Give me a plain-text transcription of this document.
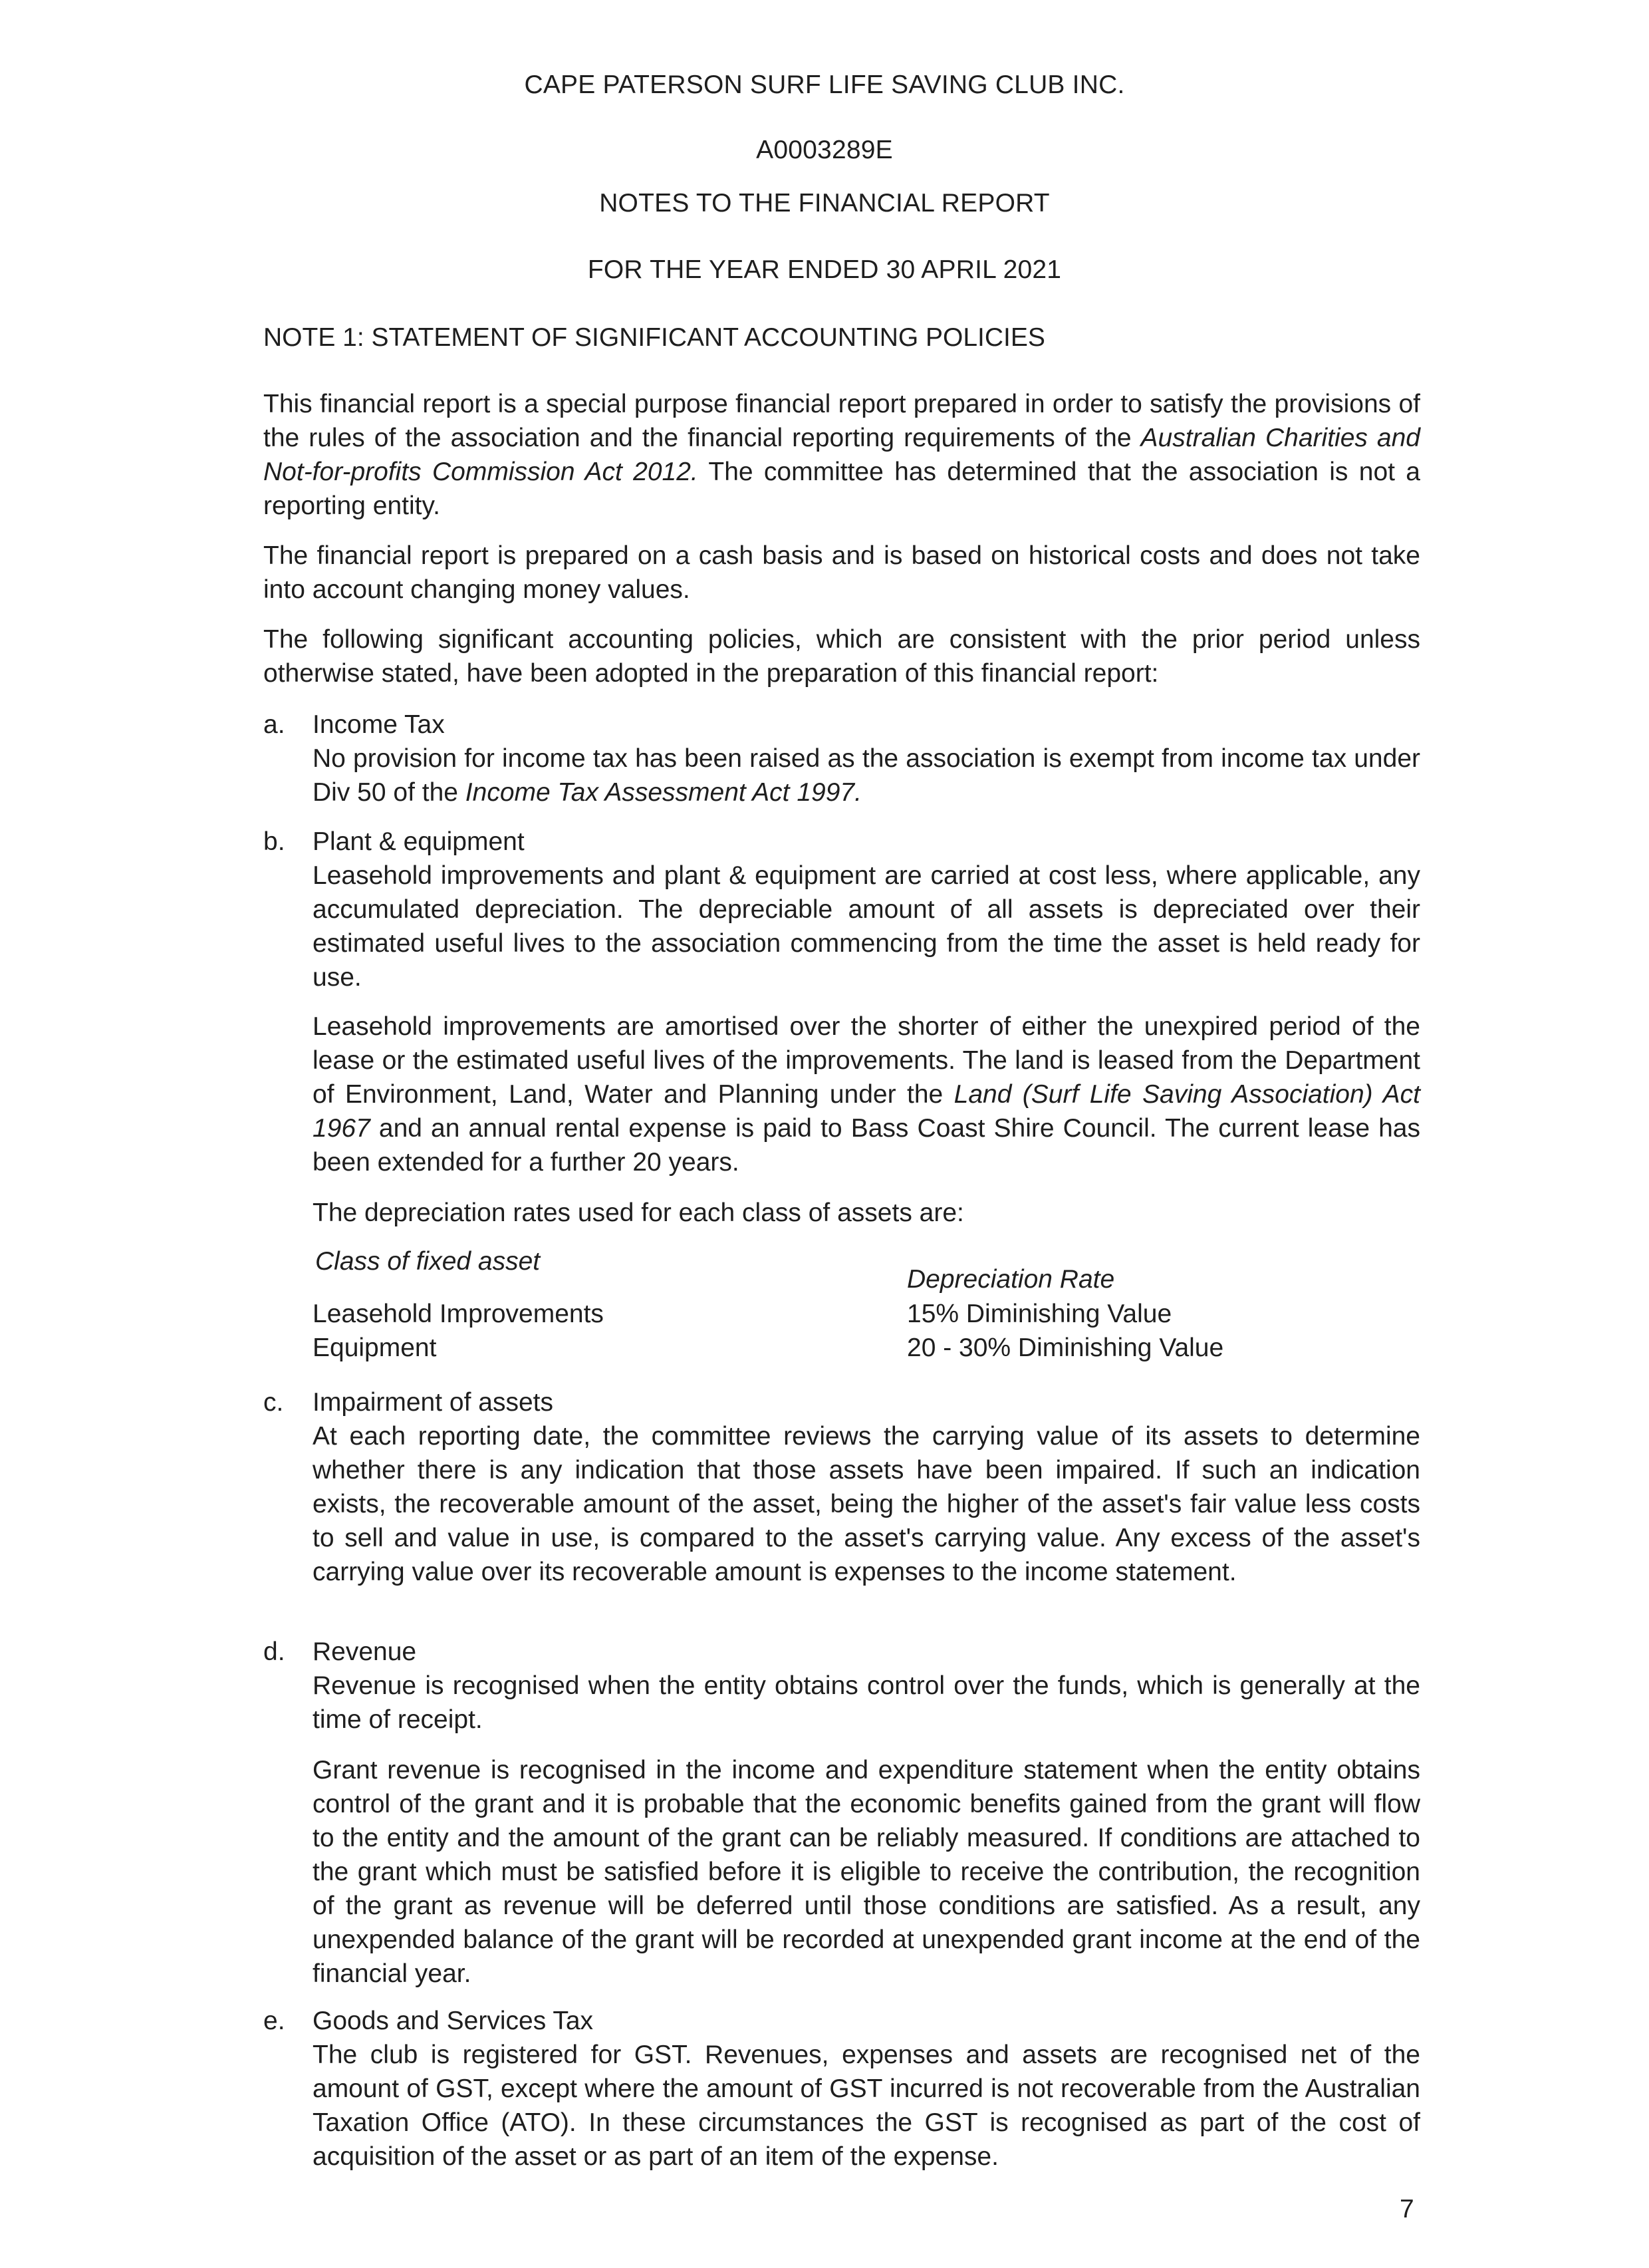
CAPE PATERSON SURF LIFE SAVING CLUB INC.
A0003289E
NOTES TO THE FINANCIAL REPORT
FOR THE YEAR ENDED 30 APRIL 2021
NOTE 1: STATEMENT OF SIGNIFICANT ACCOUNTING POLICIES
This financial report is a special purpose financial report prepared in order to satisfy the provisions of the rules of the association and the financial reporting requirements of the Australian Charities and Not-for-profits Commission Act 2012. The committee has determined that the association is not a reporting entity.
The financial report is prepared on a cash basis and is based on historical costs and does not take into account changing money values.
The following significant accounting policies, which are consistent with the prior period unless otherwise stated, have been adopted in the preparation of this financial report:
a. Income Tax
No provision for income tax has been raised as the association is exempt from income tax under Div 50 of the Income Tax Assessment Act 1997.
b. Plant & equipment
Leasehold improvements and plant & equipment are carried at cost less, where applicable, any accumulated depreciation. The depreciable amount of all assets is depreciated over their estimated useful lives to the association commencing from the time the asset is held ready for use.
Leasehold improvements are amortised over the shorter of either the unexpired period of the lease or the estimated useful lives of the improvements. The land is leased from the Department of Environment, Land, Water and Planning under the Land (Surf Life Saving Association) Act 1967 and an annual rental expense is paid to Bass Coast Shire Council. The current lease has been extended for a further 20 years.
The depreciation rates used for each class of assets are:
Class of fixed asset
Depreciation Rate
Leasehold Improvements	15% Diminishing Value
Equipment	20 - 30% Diminishing Value
c. Impairment of assets
At each reporting date, the committee reviews the carrying value of its assets to determine whether there is any indication that those assets have been impaired. If such an indication exists, the recoverable amount of the asset, being the higher of the asset's fair value less costs to sell and value in use, is compared to the asset's carrying value. Any excess of the asset's carrying value over its recoverable amount is expenses to the income statement.
d. Revenue
Revenue is recognised when the entity obtains control over the funds, which is generally at the time of receipt.
Grant revenue is recognised in the income and expenditure statement when the entity obtains control of the grant and it is probable that the economic benefits gained from the grant will flow to the entity and the amount of the grant can be reliably measured. If conditions are attached to the grant which must be satisfied before it is eligible to receive the contribution, the recognition of the grant as revenue will be deferred until those conditions are satisfied. As a result, any unexpended balance of the grant will be recorded at unexpended grant income at the end of the financial year.
e. Goods and Services Tax
The club is registered for GST. Revenues, expenses and assets are recognised net of the amount of GST, except where the amount of GST incurred is not recoverable from the Australian Taxation Office (ATO). In these circumstances the GST is recognised as part of the cost of acquisition of the asset or as part of an item of the expense.
7
